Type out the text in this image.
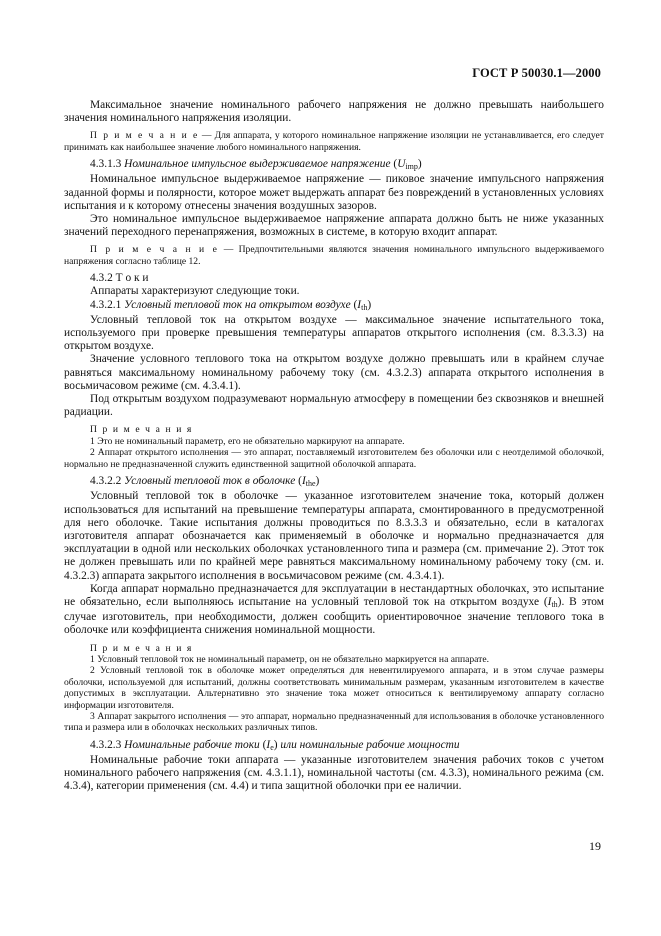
ГОСТ Р 50030.1—2000

Максимальное значение номинального рабочего напряжения не должно превышать наибольшего значения номинального напряжения изоляции.

П р и м е ч а н и е — Для аппарата, у которого номинальное напряжение изоляции не устанавливается, его следует принимать как наибольшее значение любого номинального напряжения.

4.3.1.3 Номинальное импульсное выдерживаемое напряжение $(U_{imp})$

Номинальное импульсное выдерживаемое напряжение — пиковое значение импульсного напряжения заданной формы и полярности, которое может выдержать аппарат без повреждений в установленных условиях испытания и к которому отнесены значения воздушных зазоров.

Это номинальное импульсное выдерживаемое напряжение аппарата должно быть не ниже указанных значений переходного перенапряжения, возможных в системе, в которую входит аппарат.

П р и м е ч а н и е — Предпочтительными являются значения номинального импульсного выдерживаемого напряжения согласно таблице 12.

4.3.2 Т о к и

Аппараты характеризуют следующие токи.

4.3.2.1 Условный тепловой ток на открытом воздухе $(I_{th})$

Условный тепловой ток на открытом воздухе — максимальное значение испытательного тока, используемого при проверке превышения температуры аппаратов открытого исполнения (см. 8.3.3.3) на открытом воздухе.

Значение условного теплового тока на открытом воздухе должно превышать или в крайнем случае равняться максимальному номинальному рабочему току (см. 4.3.2.3) аппарата открытого исполнения в восьмичасовом режиме (см. 4.3.4.1).

Под открытым воздухом подразумевают нормальную атмосферу в помещении без сквозняков и внешней радиации.

П р и м е ч а н и я

1 Это не номинальный параметр, его не обязательно маркируют на аппарате.

2 Аппарат открытого исполнения — это аппарат, поставляемый изготовителем без оболочки или с неотделимой оболочкой, нормально не предназначенной служить единственной защитной оболочкой аппарата.

4.3.2.2 Условный тепловой ток в оболочке $(I_{the})$

Условный тепловой ток в оболочке — указанное изготовителем значение тока, который должен использоваться для испытаний на превышение температуры аппарата, смонтированного в предусмотренной для него оболочке. Такие испытания должны проводиться по 8.3.3.3 и обязательно, если в каталогах изготовителя аппарат обозначается как применяемый в оболочке и нормально предназначается для эксплуатации в одной или нескольких оболочках установленного типа и размера (см. примечание 2). Этот ток не должен превышать или по крайней мере равняться максимальному номинальному рабочему току (см. и. 4.3.2.3) аппарата закрытого исполнения в восьмичасовом режиме (см. 4.3.4.1).

Когда аппарат нормально предназначается для эксплуатации в нестандартных оболочках, это испытание не обязательно, если выполняюсь испытание на условный тепловой ток на открытом воздухе $(I_{th})$. В этом случае изготовитель, при необходимости, должен сообщить ориентировочное значение теплового тока в оболочке или коэффициента снижения номинальной мощности.

П р и м е ч а н и я

1 Условный тепловой ток не номинальный параметр, он не обязательно маркируется на аппарате.

2 Условный тепловой ток в оболочке может определяться для невентилируемого аппарата, и в этом случае размеры оболочки, используемой для испытаний, должны соответствовать минимальным размерам, указанным изготовителем в качестве допустимых в эксплуатации. Альтернативно это значение тока может относиться к вентилируемому аппарату согласно информации изготовителя.

3 Аппарат закрытого исполнения — это аппарат, нормально предназначенный для использования в оболочке установленного типа и размера или в оболочках нескольких различных типов.

4.3.2.3 Номинальные рабочие токи $(I_e)$ или номинальные рабочие мощности

Номинальные рабочие токи аппарата — указанные изготовителем значения рабочих токов с учетом номинального рабочего напряжения (см. 4.3.1.1), номинальной частоты (см. 4.3.3), номинального режима (см. 4.3.4), категории применения (см. 4.4) и типа защитной оболочки при ее наличии.

19
